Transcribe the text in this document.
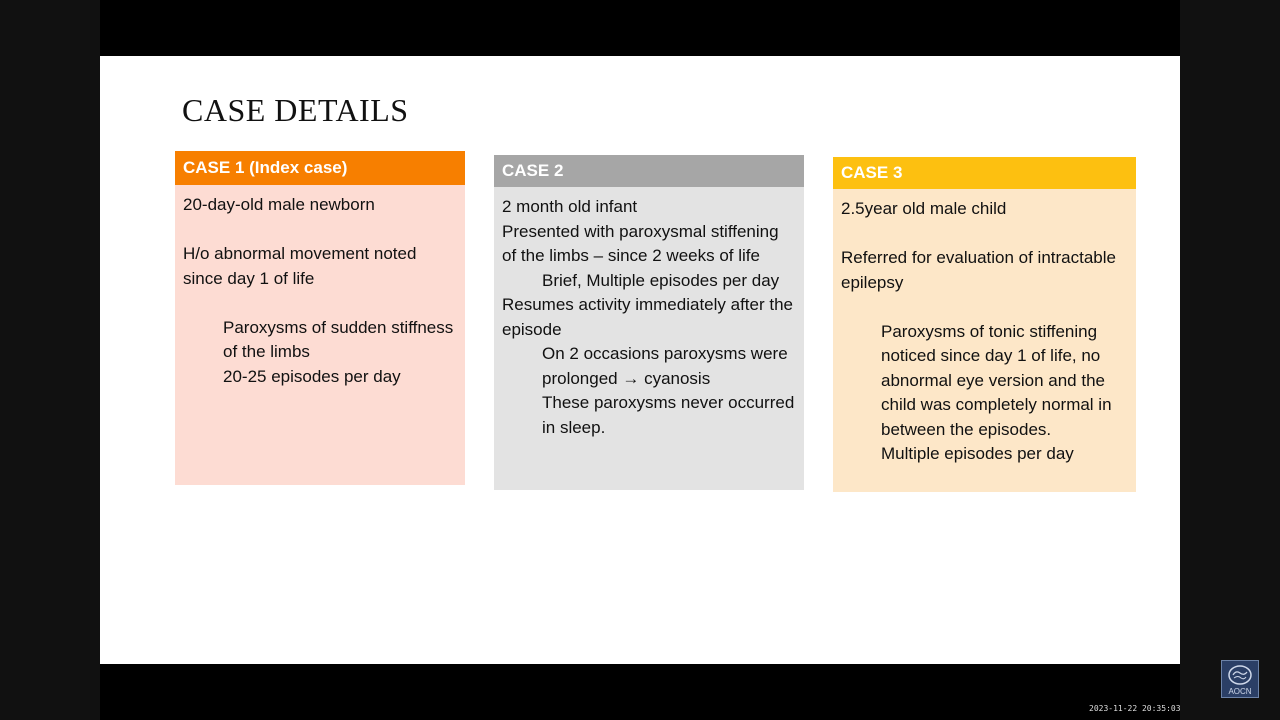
CASE DETAILS
CASE 1 (Index case)

20-day-old male newborn

H/o abnormal movement noted since day 1 of life

Paroxysms of sudden stiffness of the limbs

20-25 episodes per day

CASE 2

2 month old infant

Presented with paroxysmal stiffening of the limbs – since 2 weeks of life

Brief, Multiple episodes per day

Resumes activity immediately after the episode

On 2 occasions paroxysms were prolonged → cyanosis

These paroxysms never occurred in sleep.

CASE 3

2.5year old male child

Referred for evaluation of intractable epilepsy

Paroxysms of tonic stiffening noticed since day 1 of life, no abnormal eye version and the child was completely normal in between the episodes.

Multiple episodes per day

AOCN
2023-11-22 20:35:03
